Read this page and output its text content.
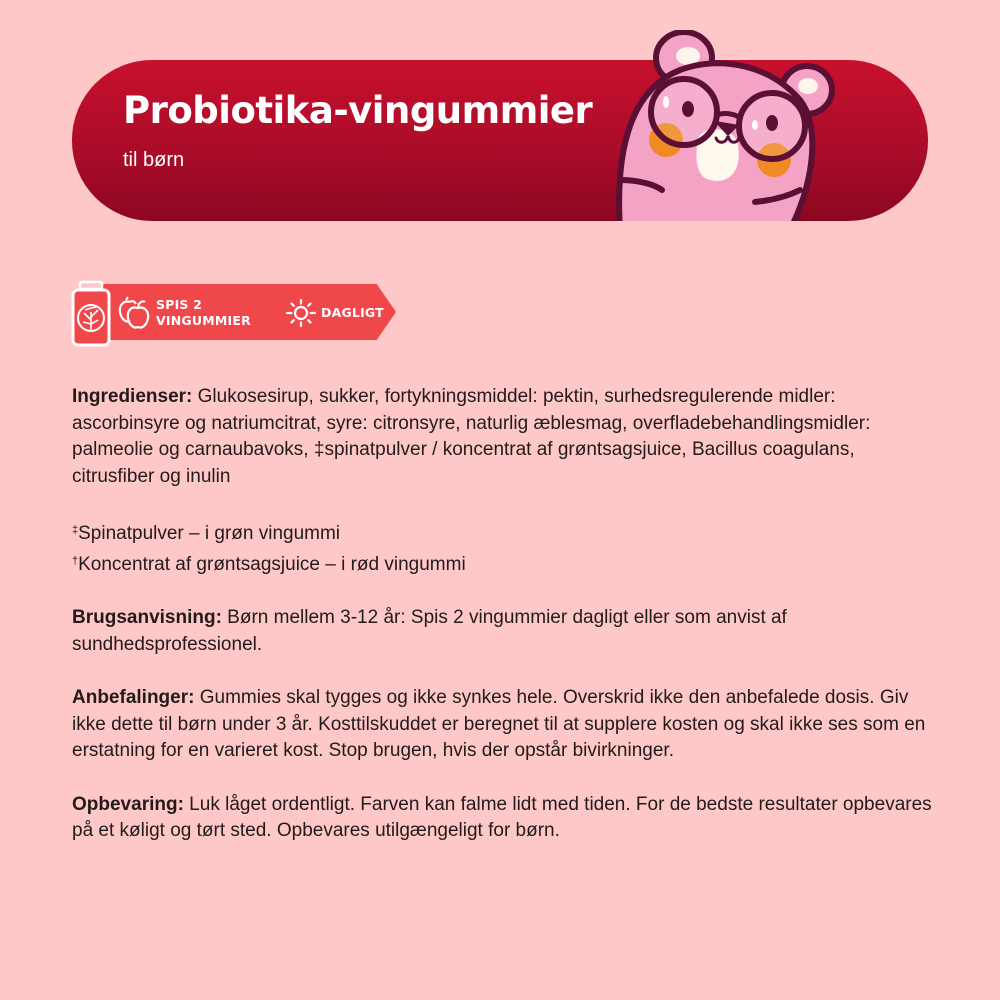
Probiotika-vingummier
til børn
SPIS 2
VINGUMMIER
DAGLIGT

Ingredienser: Glukosesirup, sukker, fortykningsmiddel: pektin, surhedsregulerende midler: ascorbinsyre og natriumcitrat, syre: citronsyre, naturlig æblesmag, overfladebehandlingsmidler: palmeolie og carnaubavoks, ‡spinatpulver / koncentrat af grøntsagsjuice, Bacillus coagulans, citrusfiber og inulin

‡Spinatpulver – i grøn vingummi
†Koncentrat af grøntsagsjuice – i rød vingummi

Brugsanvisning: Børn mellem 3-12 år: Spis 2 vingummier dagligt eller som anvist af sundhedsprofessionel.

Anbefalinger: Gummies skal tygges og ikke synkes hele. Overskrid ikke den anbefalede dosis. Giv ikke dette til børn under 3 år. Kosttilskuddet er beregnet til at supplere kosten og skal ikke ses som en erstatning for en varieret kost. Stop brugen, hvis der opstår bivirkninger.

Opbevaring: Luk låget ordentligt. Farven kan falme lidt med tiden. For de bedste resultater opbevares på et køligt og tørt sted. Opbevares utilgængeligt for børn.
